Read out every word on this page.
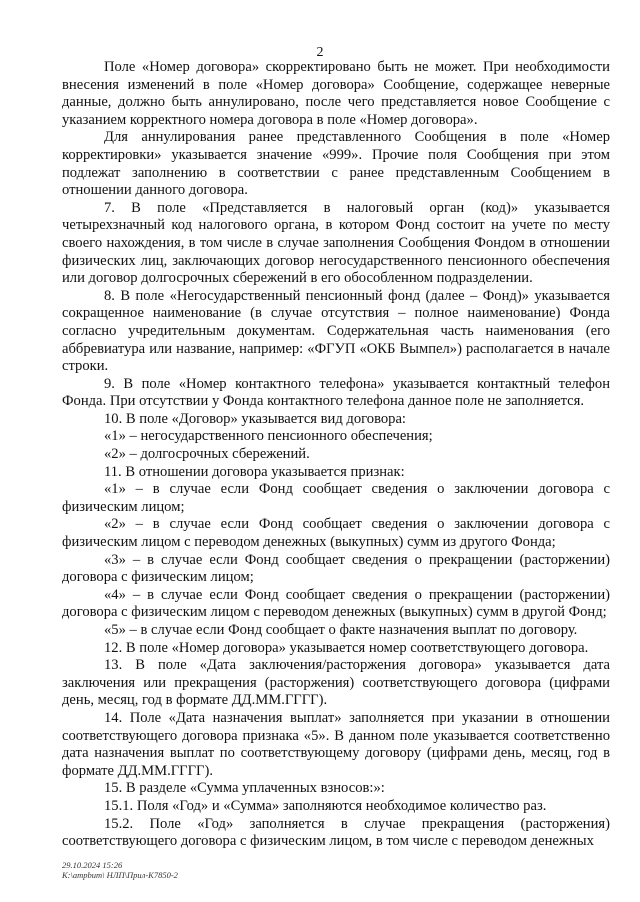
2

Поле «Номер договора» скорректировано быть не может. При необходимости внесения изменений в поле «Номер договора» Сообщение, содержащее неверные данные, должно быть аннулировано, после чего представляется новое Сообщение с указанием корректного номера договора в поле «Номер договора».

Для аннулирования ранее представленного Сообщения в поле «Номер корректировки» указывается значение «999». Прочие поля Сообщения при этом подлежат заполнению в соответствии с ранее представленным Сообщением в отношении данного договора.

7. В поле «Представляется в налоговый орган (код)» указывается четырехзначный код налогового органа, в котором Фонд состоит на учете по месту своего нахождения, в том числе в случае заполнения Сообщения Фондом в отношении физических лиц, заключающих договор негосударственного пенсионного обеспечения или договор долгосрочных сбережений в его обособленном подразделении.

8. В поле «Негосударственный пенсионный фонд (далее – Фонд)» указывается сокращенное наименование (в случае отсутствия – полное наименование) Фонда согласно учредительным документам. Содержательная часть наименования (его аббревиатура или название, например: «ФГУП «ОКБ Вымпел») располагается в начале строки.

9. В поле «Номер контактного телефона» указывается контактный телефон Фонда. При отсутствии у Фонда контактного телефона данное поле не заполняется.

10. В поле «Договор» указывается вид договора:

«1» – негосударственного пенсионного обеспечения;

«2» – долгосрочных сбережений.

11. В отношении договора указывается признак:

«1» – в случае если Фонд сообщает сведения о заключении договора с физическим лицом;

«2» – в случае если Фонд сообщает сведения о заключении договора с физическим лицом с переводом денежных (выкупных) сумм из другого Фонда;

«3» – в случае если Фонд сообщает сведения о прекращении (расторжении) договора с физическим лицом;

«4» – в случае если Фонд сообщает сведения о прекращении (расторжении) договора с физическим лицом с переводом денежных (выкупных) сумм в другой Фонд;

«5» – в случае если Фонд сообщает о факте назначения выплат по договору.

12. В поле «Номер договора» указывается номер соответствующего договора.

13. В поле «Дата заключения/расторжения договора» указывается дата заключения или прекращения (расторжения) соответствующего договора (цифрами день, месяц, год в формате ДД.ММ.ГГГГ).

14. Поле «Дата назначения выплат» заполняется при указании в отношении соответствующего договора признака «5». В данном поле указывается соответственно дата назначения выплат по соответствующему договору (цифрами день, месяц, год в формате ДД.ММ.ГГГГ).

15. В разделе «Сумма уплаченных взносов:»:

15.1. Поля «Год» и «Сумма» заполняются необходимое количество раз.

15.2. Поле «Год» заполняется в случае прекращения (расторжения) соответствующего договора с физическим лицом, в том числе с переводом денежных

29.10.2024 15:26
К:\ampbum\ НЛП\Прил-К7850-2
